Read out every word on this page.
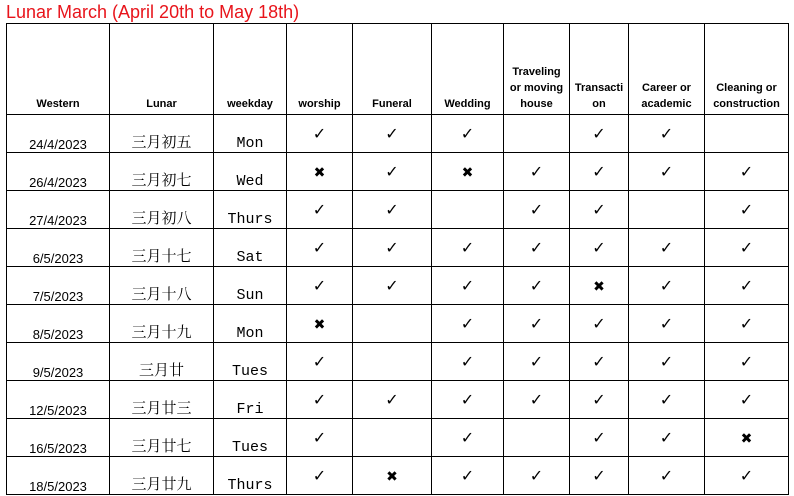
Lunar March (April 20th to May 18th)
Western	Lunar	weekday	worship	Funeral	Wedding	Traveling or moving house	Transaction	Career or academic	Cleaning or construction
24/4/2023	三月初五	Mon	✓	✓	✓		✓	✓	
26/4/2023	三月初七	Wed	✖	✓	✖	✓	✓	✓	✓
27/4/2023	三月初八	Thurs	✓	✓		✓	✓		✓
6/5/2023	三月十七	Sat	✓	✓	✓	✓	✓	✓	✓
7/5/2023	三月十八	Sun	✓	✓	✓	✓	✖	✓	✓
8/5/2023	三月十九	Mon	✖		✓	✓	✓	✓	✓
9/5/2023	三月廿	Tues	✓		✓	✓	✓	✓	✓
12/5/2023	三月廿三	Fri	✓	✓	✓	✓	✓	✓	✓
16/5/2023	三月廿七	Tues	✓		✓		✓	✓	✖
18/5/2023	三月廿九	Thurs	✓	✖	✓	✓	✓	✓	✓
